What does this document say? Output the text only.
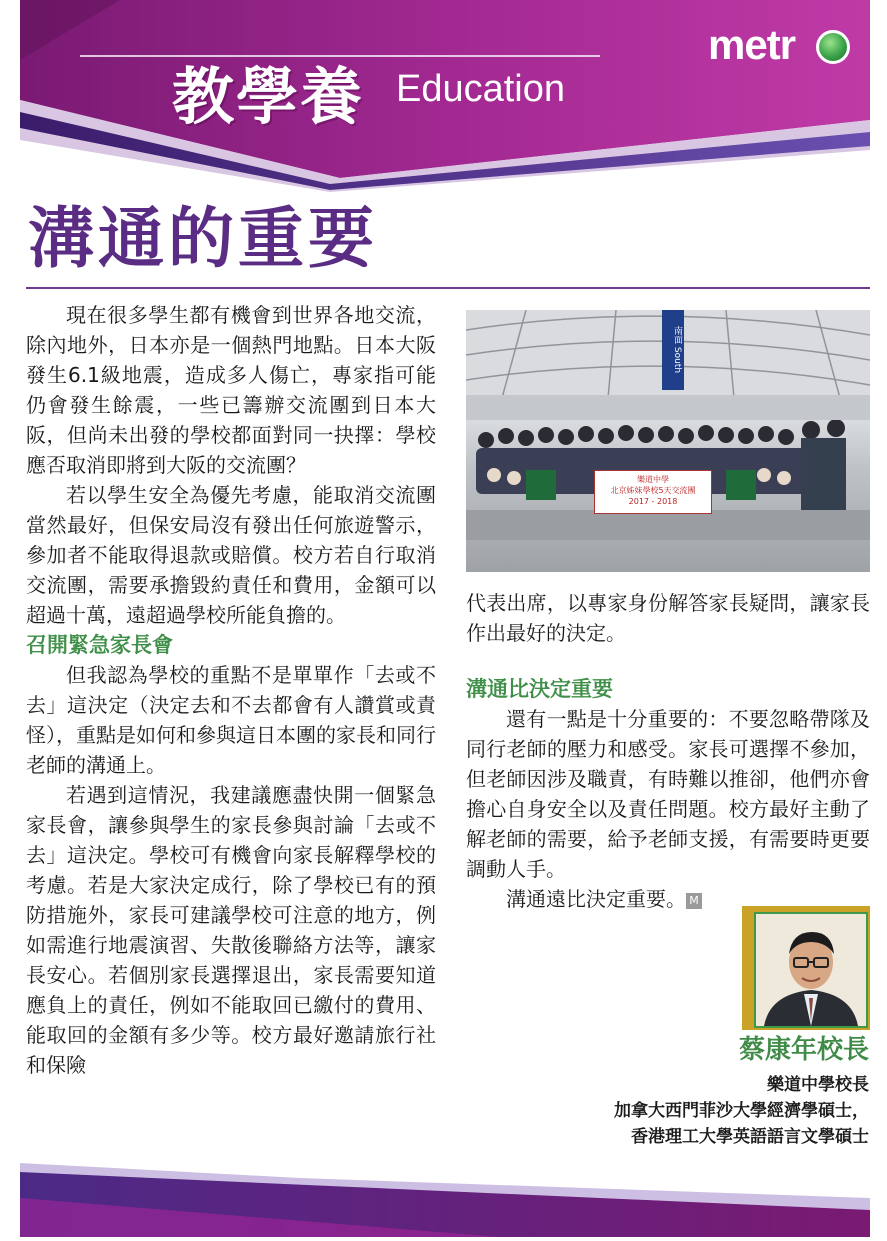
教學養 Education
metr
溝通的重要

現在很多學生都有機會到世界各地交流，除內地外，日本亦是一個熱門地點。日本大阪發生6.1級地震，造成多人傷亡，專家指可能仍會發生餘震，一些已籌辦交流團到日本大阪，但尚未出發的學校都面對同一抉擇：學校應否取消即將到大阪的交流團？

若以學生安全為優先考慮，能取消交流團當然最好，但保安局沒有發出任何旅遊警示，參加者不能取得退款或賠償。校方若自行取消交流團，需要承擔毀約責任和費用，金額可以超過十萬，遠超過學校所能負擔的。

召開緊急家長會

但我認為學校的重點不是單單作「去或不去」這決定（決定去和不去都會有人讚賞或責怪），重點是如何和參與這日本團的家長和同行老師的溝通上。

若遇到這情況，我建議應盡快開一個緊急家長會，讓參與學生的家長參與討論「去或不去」這決定。學校可有機會向家長解釋學校的考慮。若是大家決定成行，除了學校已有的預防措施外，家長可建議學校可注意的地方，例如需進行地震演習、失散後聯絡方法等，讓家長安心。若個別家長選擇退出，家長需要知道應負上的責任，例如不能取回已繳付的費用、能取回的金額有多少等。校方最好邀請旅行社和保險

南面 South
樂道中學
北京姊妹學校5天交流團
2017 - 2018

代表出席，以專家身份解答家長疑問，讓家長作出最好的決定。

溝通比決定重要

還有一點是十分重要的：不要忽略帶隊及同行老師的壓力和感受。家長可選擇不參加，但老師因涉及職責，有時難以推卻，他們亦會擔心自身安全以及責任問題。校方最好主動了解老師的需要，給予老師支援，有需要時更要調動人手。

溝通遠比決定重要。 M

蔡康年校長
樂道中學校長
加拿大西門菲沙大學經濟學碩士，
香港理工大學英語語言文學碩士
